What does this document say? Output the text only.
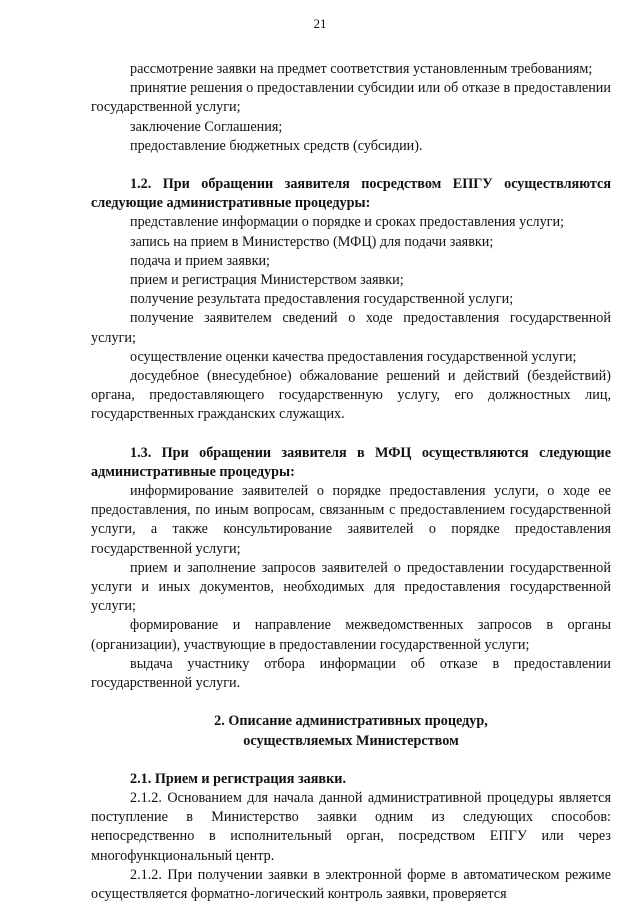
21

рассмотрение заявки на предмет соответствия установленным требованиям;

принятие решения о предоставлении субсидии или об отказе в предоставлении государственной услуги;

заключение Соглашения;

предоставление бюджетных средств (субсидии).

1.2. При обращении заявителя посредством ЕПГУ осуществляются следующие административные процедуры:

представление информации о порядке и сроках предоставления услуги;

запись на прием в Министерство (МФЦ) для подачи заявки;

подача и прием заявки;

прием и регистрация Министерством заявки;

получение результата предоставления государственной услуги;

получение заявителем сведений о ходе предоставления государственной услуги;

осуществление оценки качества предоставления государственной услуги;

досудебное (внесудебное) обжалование решений и действий (бездействий) органа, предоставляющего государственную услугу, его должностных лиц, государственных гражданских служащих.

1.3. При обращении заявителя в МФЦ осуществляются следующие административные процедуры:

информирование заявителей о порядке предоставления услуги, о ходе ее предоставления, по иным вопросам, связанным с предоставлением государственной услуги, а также консультирование заявителей о порядке предоставления государственной услуги;

прием и заполнение запросов заявителей о предоставлении государственной услуги и иных документов, необходимых для предоставления государственной услуги;

формирование и направление межведомственных запросов в органы (организации), участвующие в предоставлении государственной услуги;

выдача участнику отбора информации об отказе в предоставлении государственной услуги.

2. Описание административных процедур,

осуществляемых Министерством

2.1. Прием и регистрация заявки.

2.1.2. Основанием для начала данной административной процедуры является поступление в Министерство заявки одним из следующих способов: непосредственно в исполнительный орган, посредством ЕПГУ или через многофункциональный центр.

2.1.2. При получении заявки в электронной форме в автоматическом режиме осуществляется форматно-логический контроль заявки, проверяется
